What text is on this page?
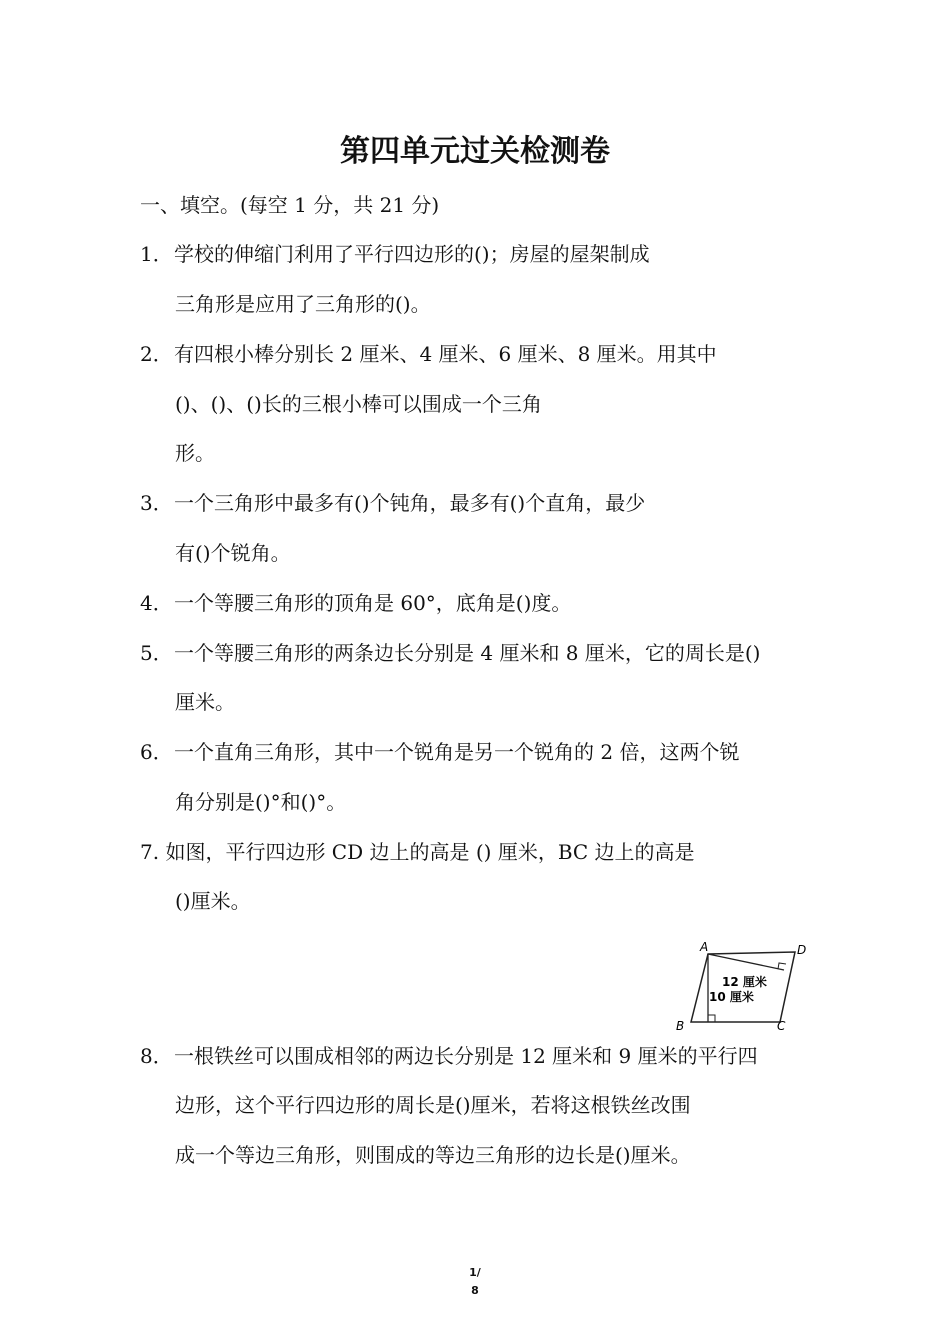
第四单元过关检测卷
一、填空。(每空 1 分，共 21 分)
1．学校的伸缩门利用了平行四边形的()；房屋的屋架制成
三角形是应用了三角形的()。
2．有四根小棒分别长 2 厘米、4 厘米、6 厘米、8 厘米。用其中
()、()、()长的三根小棒可以围成一个三角
形。
3．一个三角形中最多有()个钝角，最多有()个直角，最少
有()个锐角。
4．一个等腰三角形的顶角是 60°，底角是()度。
5．一个等腰三角形的两条边长分别是 4 厘米和 8 厘米，它的周长是()
厘米。
6．一个直角三角形，其中一个锐角是另一个锐角的 2 倍，这两个锐
角分别是()°和()°。
7. 如图，平行四边形 CD 边上的高是 () 厘米，BC 边上的高是
()厘米。
A	D
B	C
12 厘米
10 厘米
8．一根铁丝可以围成相邻的两边长分别是 12 厘米和 9 厘米的平行四
边形，这个平行四边形的周长是()厘米，若将这根铁丝改围
成一个等边三角形，则围成的等边三角形的边长是()厘米。
1/
8
